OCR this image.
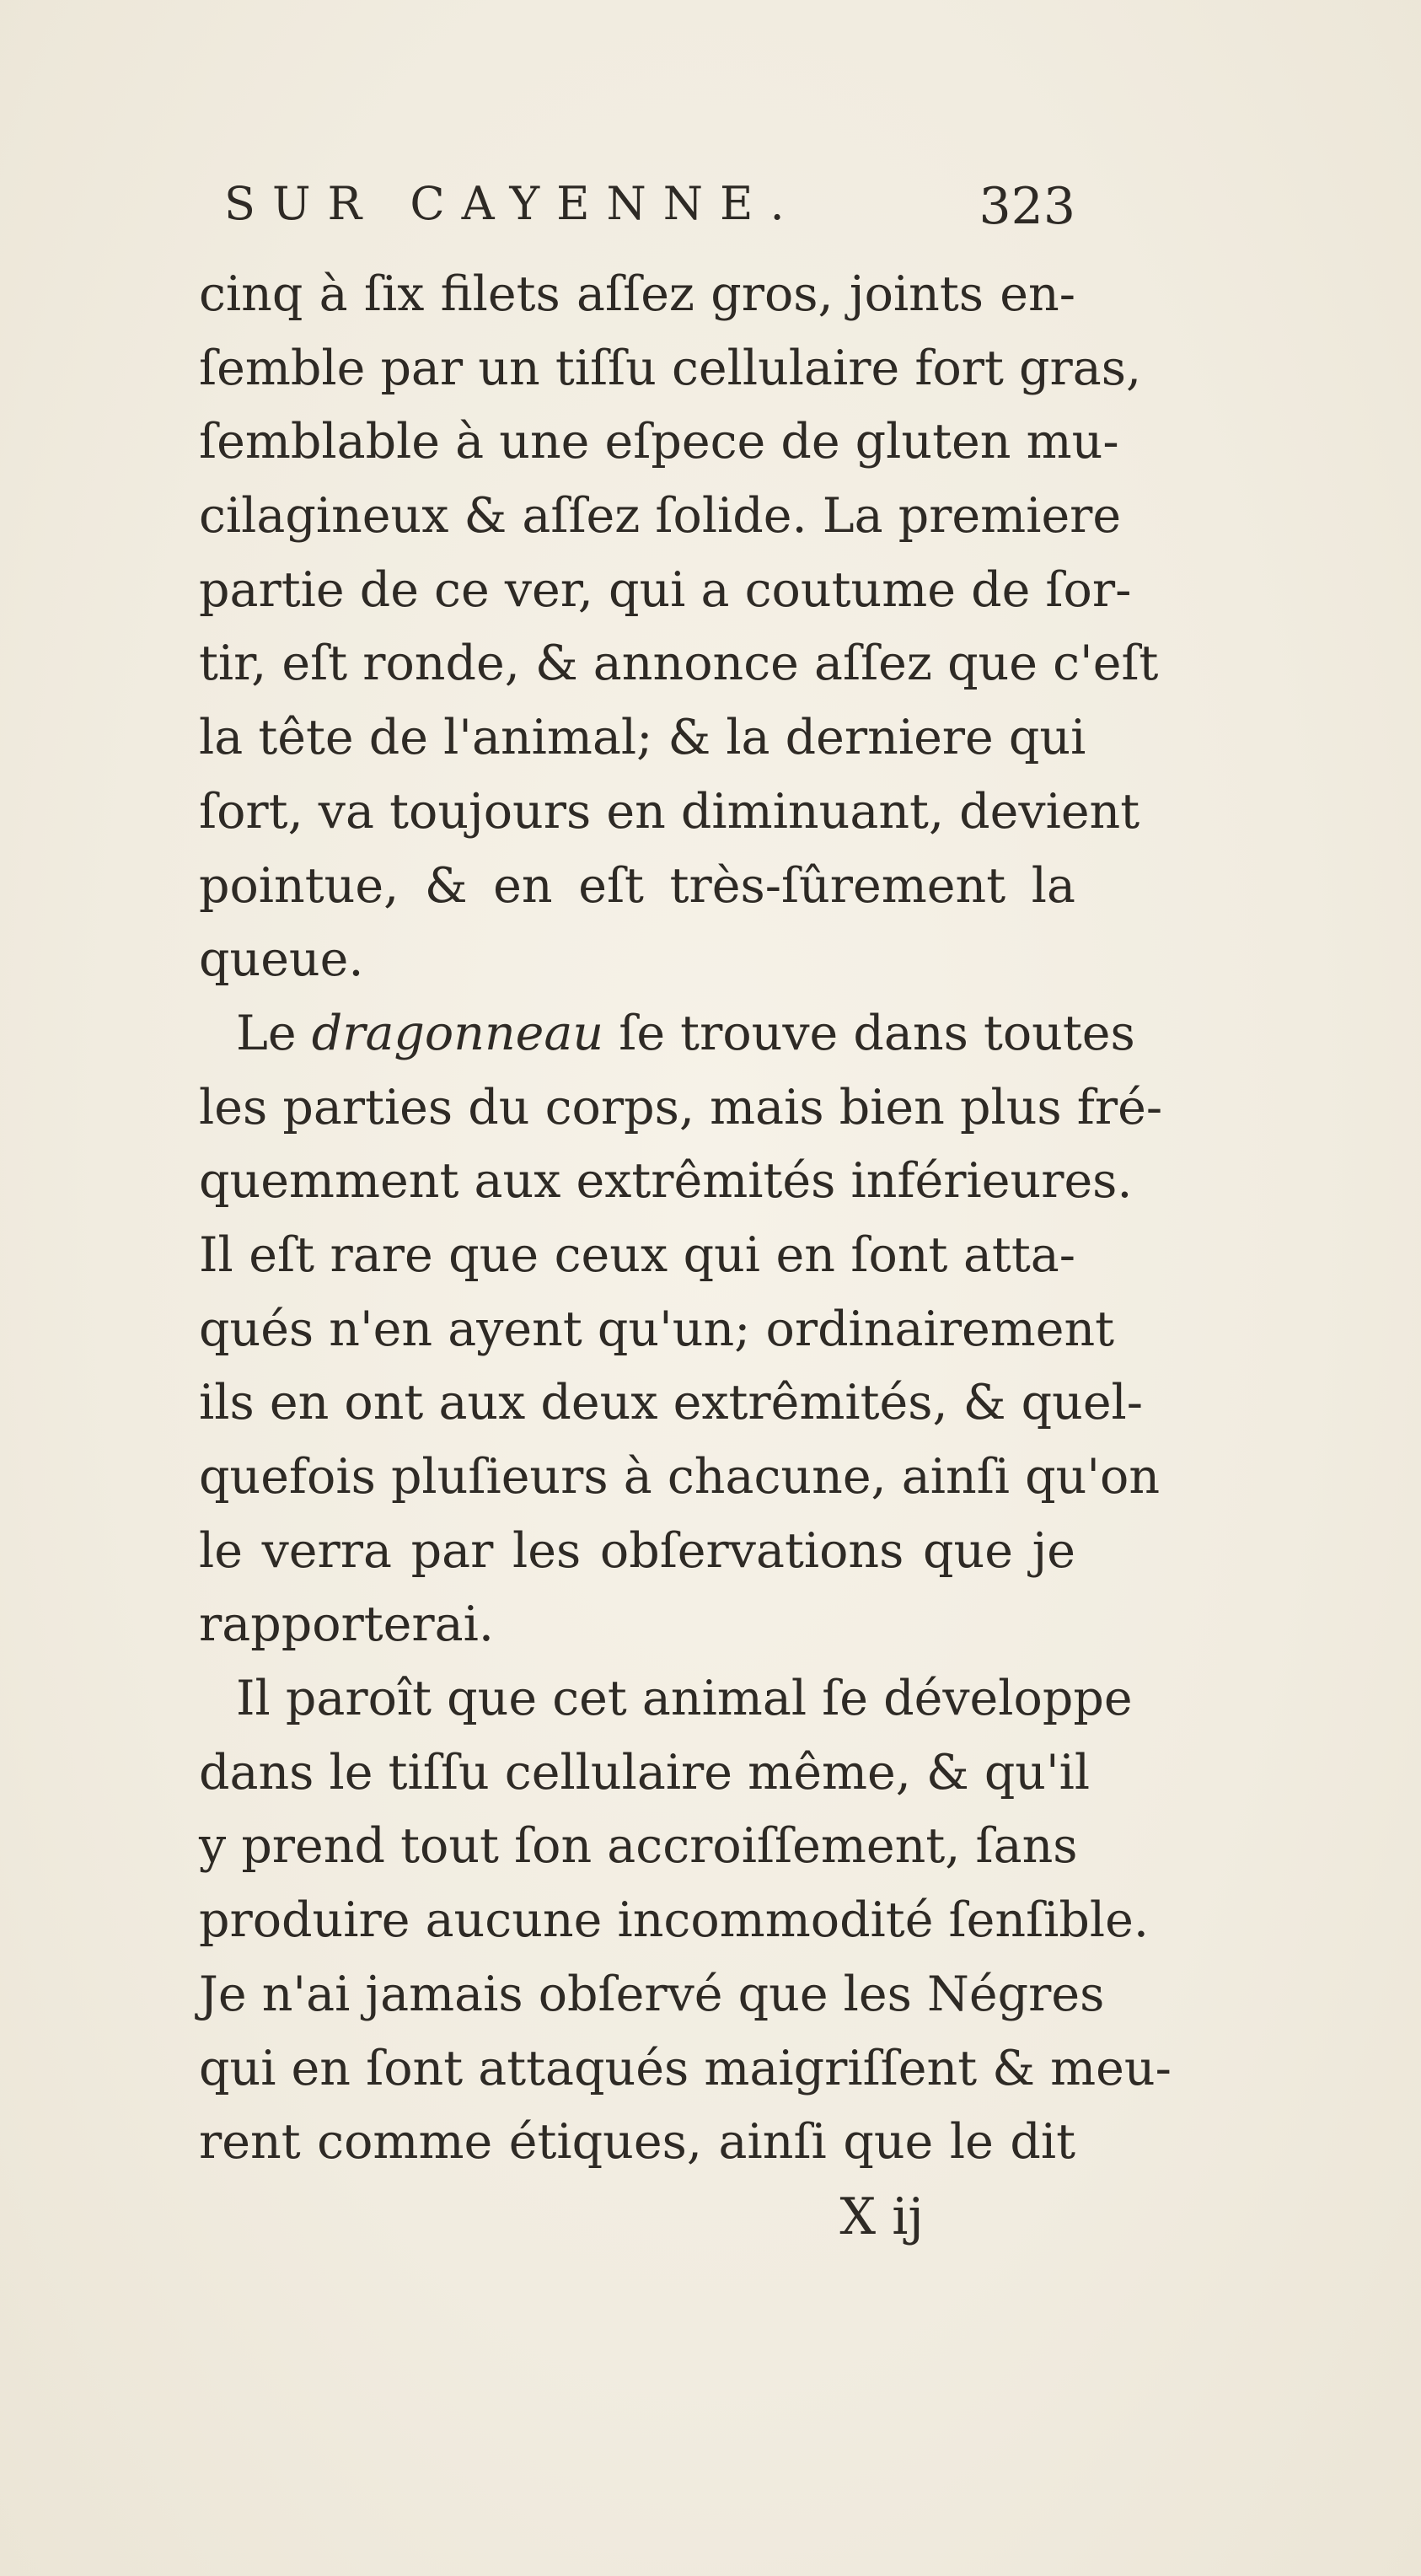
SUR CAYENNE.	323
cinq à ſix filets aſſez gros, joints en-
ſemble par un tiſſu cellulaire fort gras,
ſemblable à une eſpece de gluten mu-
cilagineux & aſſez ſolide. La premiere
partie de ce ver, qui a coutume de ſor-
tir, eſt ronde, & annonce aſſez que c'eſt
la tête de l'animal; & la derniere qui
ſort, va toujours en diminuant, devient
pointue, & en eſt très-ſûrement la
queue.
Le dragonneau ſe trouve dans toutes
les parties du corps, mais bien plus fré-
quemment aux extrêmités inférieures.
Il eſt rare que ceux qui en ſont atta-
qués n'en ayent qu'un; ordinairement
ils en ont aux deux extrêmités, & quel-
quefois pluſieurs à chacune, ainſi qu'on
le verra par les obſervations que je
rapporterai.
Il paroît que cet animal ſe développe
dans le tiſſu cellulaire même, & qu'il
y prend tout ſon accroiſſement, ſans
produire aucune incommodité ſenſible.
Je n'ai jamais obſervé que les Négres
qui en ſont attaqués maigriſſent & meu-
rent comme étiques, ainſi que le dit
X ij
